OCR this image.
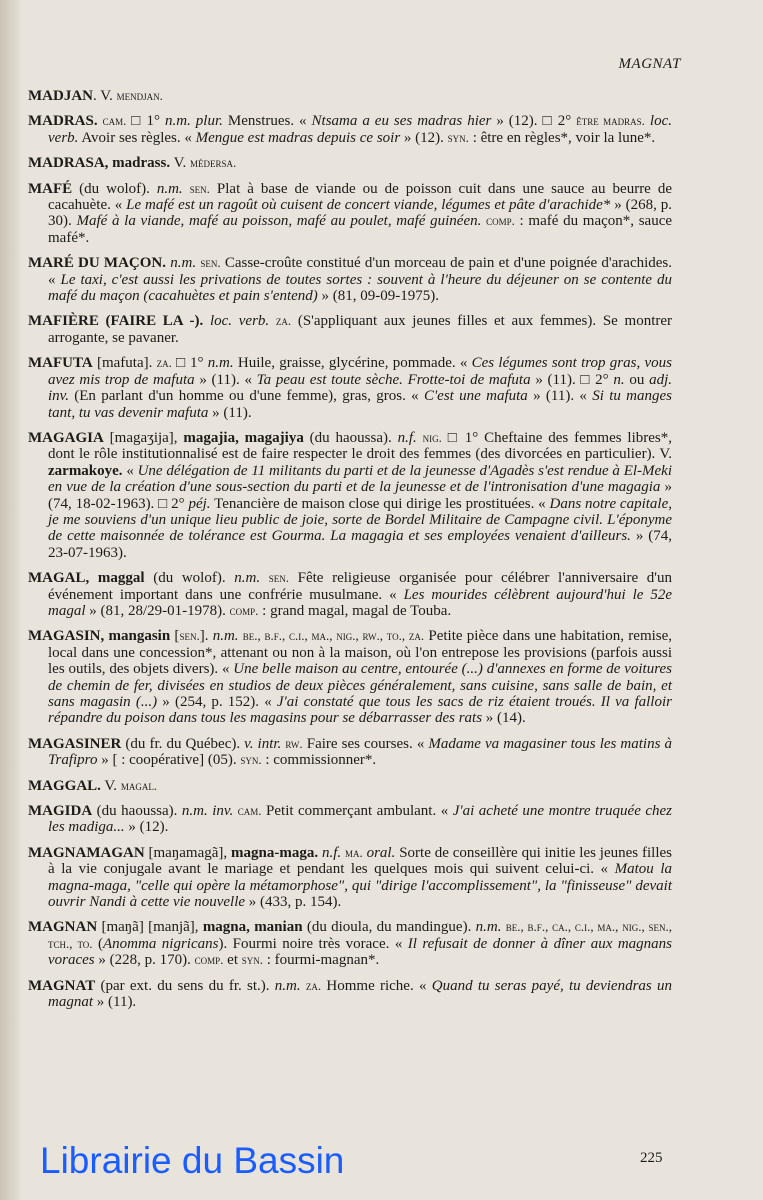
MAGNAT

MADJAN. V. mendjan.

MADRAS. cam. □ 1° n.m. plur. Menstrues. « Ntsama a eu ses madras hier » (12). □ 2° être madras. loc. verb. Avoir ses règles. « Mengue est madras depuis ce soir » (12). syn. : être en règles*, voir la lune*.

MADRASA, madrass. V. médersa.

MAFÉ (du wolof). n.m. sen. Plat à base de viande ou de poisson cuit dans une sauce au beurre de cacahuète. « Le mafé est un ragoût où cuisent de concert viande, légumes et pâte d'arachide* » (268, p. 30). Mafé à la viande, mafé au poisson, mafé au poulet, mafé guinéen. comp. : mafé du maçon*, sauce mafé*.

MARÉ DU MAÇON. n.m. sen. Casse-croûte constitué d'un morceau de pain et d'une poignée d'arachides. « Le taxi, c'est aussi les privations de toutes sortes : souvent à l'heure du déjeuner on se contente du mafé du maçon (cacahuètes et pain s'entend) » (81, 09-09-1975).

MAFIÈRE (FAIRE LA -). loc. verb. za. (S'appliquant aux jeunes filles et aux femmes). Se montrer arrogante, se pavaner.

MAFUTA [mafuta]. za. □ 1° n.m. Huile, graisse, glycérine, pommade. « Ces légumes sont trop gras, vous avez mis trop de mafuta » (11). « Ta peau est toute sèche. Frotte-toi de mafuta » (11). □ 2° n. ou adj. inv. (En parlant d'un homme ou d'une femme), gras, gros. « C'est une mafuta » (11). « Si tu manges tant, tu vas devenir mafuta » (11).

MAGAGIA [magaʒija], magajia, magajiya (du haoussa). n.f. nig. □ 1° Cheftaine des femmes libres*, dont le rôle institutionnalisé est de faire respecter le droit des femmes (des divorcées en particulier). V. zarmakoye. « Une délégation de 11 militants du parti et de la jeunesse d'Agadès s'est rendue à El-Meki en vue de la création d'une sous-section du parti et de la jeunesse et de l'intronisation d'une magagia » (74, 18-02-1963). □ 2° péj. Tenancière de maison close qui dirige les prostituées. « Dans notre capitale, je me souviens d'un unique lieu public de joie, sorte de Bordel Militaire de Campagne civil. L'éponyme de cette maisonnée de tolérance est Gourma. La magagia et ses employées venaient d'ailleurs. » (74, 23-07-1963).

MAGAL, maggal (du wolof). n.m. sen. Fête religieuse organisée pour célébrer l'anniversaire d'un événement important dans une confrérie musulmane. « Les mourides célèbrent aujourd'hui le 52e magal » (81, 28/29-01-1978). comp. : grand magal, magal de Touba.

MAGASIN, mangasin [sen.]. n.m. be., b.f., c.i., ma., nig., rw., to., za. Petite pièce dans une habitation, remise, local dans une concession*, attenant ou non à la maison, où l'on entrepose les provisions (parfois aussi les outils, des objets divers). « Une belle maison au centre, entourée (...) d'annexes en forme de voitures de chemin de fer, divisées en studios de deux pièces généralement, sans cuisine, sans salle de bain, et sans magasin (...) » (254, p. 152). « J'ai constaté que tous les sacs de riz étaient troués. Il va falloir répandre du poison dans tous les magasins pour se débarrasser des rats » (14).

MAGASINER (du fr. du Québec). v. intr. rw. Faire ses courses. « Madame va magasiner tous les matins à Trafipro » [ : coopérative] (05). syn. : commissionner*.

MAGGAL. V. magal.

MAGIDA (du haoussa). n.m. inv. cam. Petit commerçant ambulant. « J'ai acheté une montre truquée chez les madiga... » (12).

MAGNAMAGAN [maŋamagã], magna-maga. n.f. ma. oral. Sorte de conseillère qui initie les jeunes filles à la vie conjugale avant le mariage et pendant les quelques mois qui suivent celui-ci. « Matou la magna-maga, "celle qui opère la métamorphose", qui "dirige l'accomplissement", la "finisseuse" devait ouvrir Nandi à cette vie nouvelle » (433, p. 154).

MAGNAN [maŋã] [manjã], magna, manian (du dioula, du mandingue). n.m. be., b.f., ca., c.i., ma., nig., sen., tch., to. (Anomma nigricans). Fourmi noire très vorace. « Il refusait de donner à dîner aux magnans voraces » (228, p. 170). comp. et syn. : fourmi-magnan*.

MAGNAT (par ext. du sens du fr. st.). n.m. za. Homme riche. « Quand tu seras payé, tu deviendras un magnat » (11).

Librairie du Bassin	225
